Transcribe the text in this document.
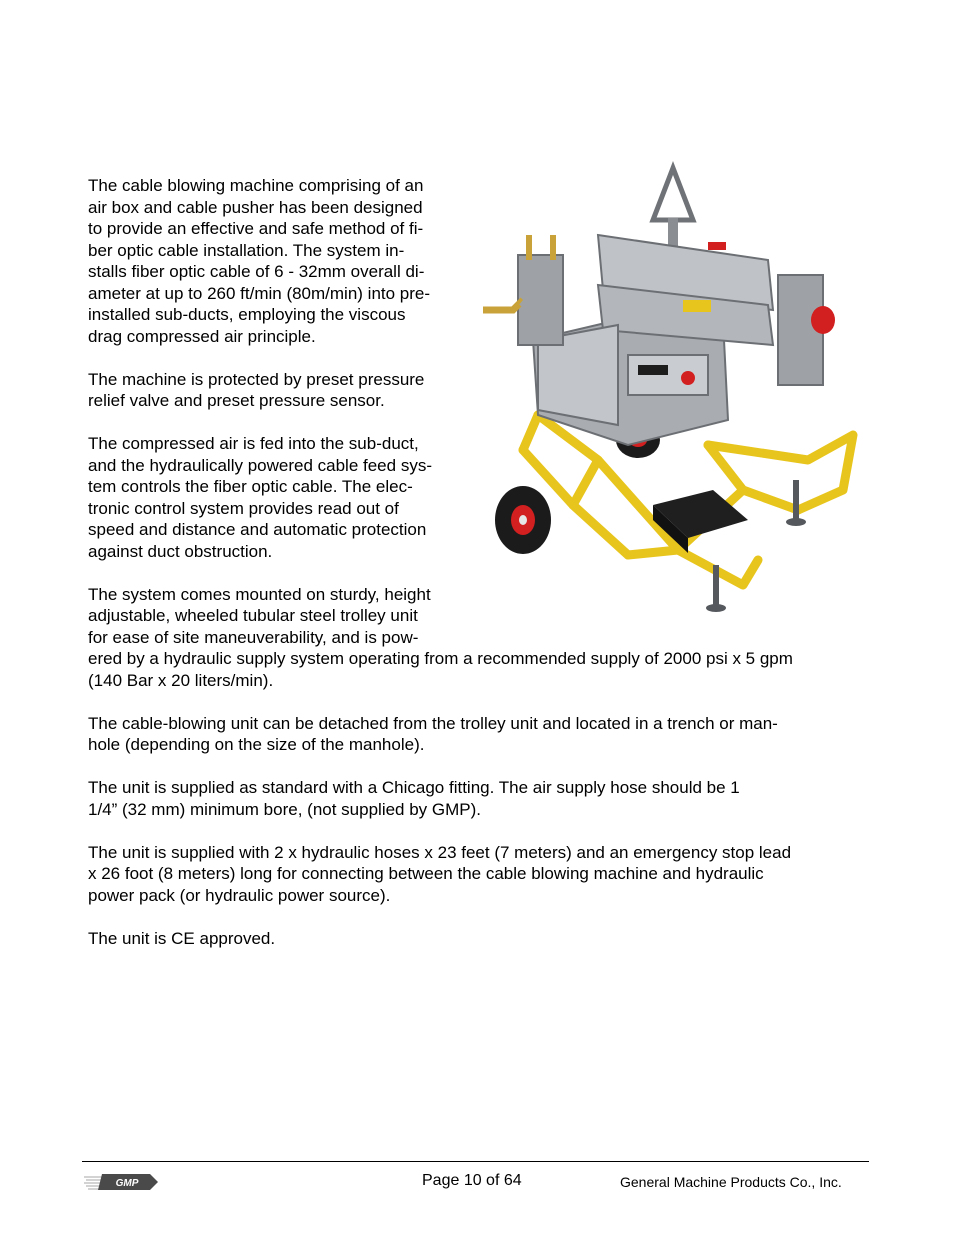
The cable blowing machine comprising of an
air box and cable pusher has been designed
to provide an effective and safe method of fi-
ber optic cable installation. The system in-
stalls fiber optic cable of 6 - 32mm overall di-
ameter at up to 260 ft/min (80m/min) into pre-
installed sub-ducts, employing the viscous
drag compressed air principle.
The machine is protected by preset pressure
relief valve and preset pressure sensor.
The compressed air is fed into the sub-duct,
and the hydraulically powered cable feed sys-
tem controls the fiber optic cable. The elec-
tronic control system provides read out of
speed and distance and automatic protection
against duct obstruction.
The system comes mounted on sturdy, height
adjustable, wheeled tubular steel trolley unit
for ease of site maneuverability, and is pow-
ered by a hydraulic supply system operating from a recommended supply of 2000 psi x 5 gpm
(140 Bar x 20 liters/min).
The cable-blowing unit can be detached from the trolley unit and located in a trench or man-
hole (depending on the size of the manhole).
The unit is supplied as standard with a Chicago fitting. The air supply hose should be 1
1/4” (32 mm) minimum bore, (not supplied by GMP).
The unit is supplied with 2 x hydraulic hoses x 23 feet (7 meters) and an emergency stop lead
x 26 foot (8 meters) long for connecting between the cable blowing machine and hydraulic
power pack (or hydraulic power source).
The unit is CE approved.
GMP	Page 10 of 64	General Machine Products Co., Inc.
